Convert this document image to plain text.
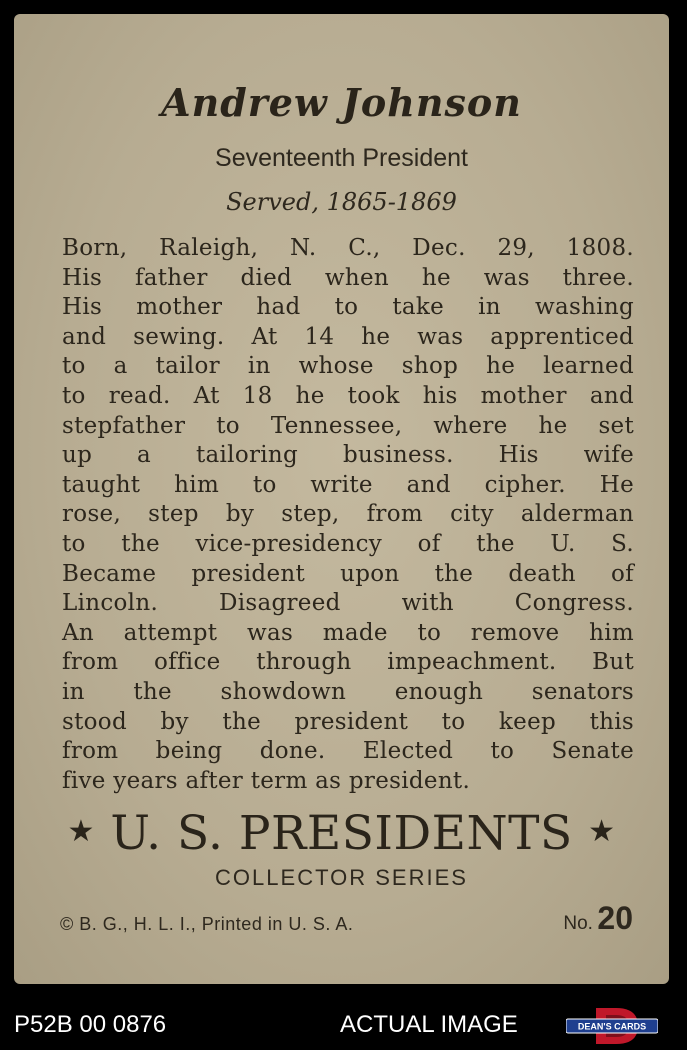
Andrew Johnson
Seventeenth President
Served, 1865-1869
Born, Raleigh, N. C., Dec. 29, 1808.
His father died when he was three.
His mother had to take in washing
and sewing. At 14 he was apprenticed
to a tailor in whose shop he learned
to read. At 18 he took his mother and
stepfather to Tennessee, where he set
up a tailoring business. His wife
taught him to write and cipher. He
rose, step by step, from city alderman
to the vice-presidency of the U. S.
Became president upon the death of
Lincoln. Disagreed with Congress.
An attempt was made to remove him
from office through impeachment. But
in the showdown enough senators
stood by the president to keep this
from being done. Elected to Senate
five years after term as president.
★ U. S. PRESIDENTS ★
COLLECTOR SERIES
© B. G., H. L. I., Printed in U. S. A.	No. 20
P52B 00 0876	ACTUAL IMAGE	DEAN'S CARDS
